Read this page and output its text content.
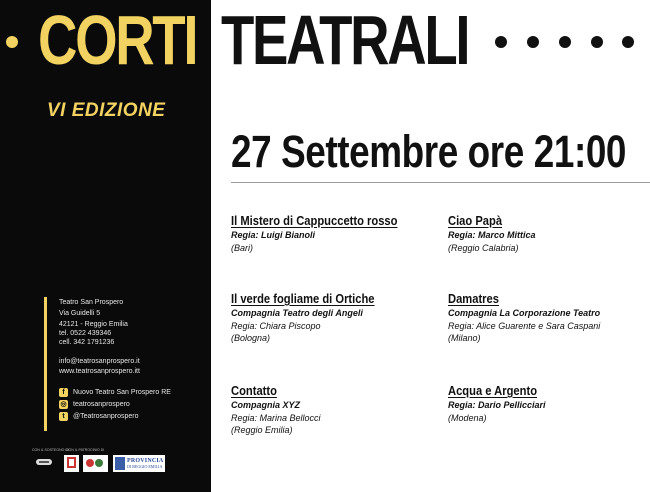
CORTI TEATRALI
VI EDIZIONE
27 Settembre ore 21:00
Il Mistero di Cappuccetto rosso
Regia: Luigi Bianoli
(Bari)
Ciao Papà
Regia: Marco Mittica
(Reggio Calabria)
Il verde fogliame di Ortiche
Compagnia Teatro degli Angeli
Regia: Chiara Piscopo
(Bologna)
Damatres
Compagnia La Corporazione Teatro
Regia: Alice Guarente e Sara Caspani
(Milano)
Contatto
Compagnia XYZ
Regia: Marina Bellocci
(Reggio Emilia)
Acqua e Argento
Regia: Dario Pellicciari
(Modena)
Teatro San Prospero
Via Guidelli 5
42121 - Reggio Emilia
tel. 0522 439346
cell. 342 1791236
info@teatrosanprospero.it
www.teatrosanprospero.itt
f	Nuovo Teatro San Prospero RE
◎ teatrosanprospero
t	@Teatrosanprospero
CON IL SOSTEGNO DI
CON IL PATROCINIO DI
PROVINCIA
DI REGGIO EMILIA
